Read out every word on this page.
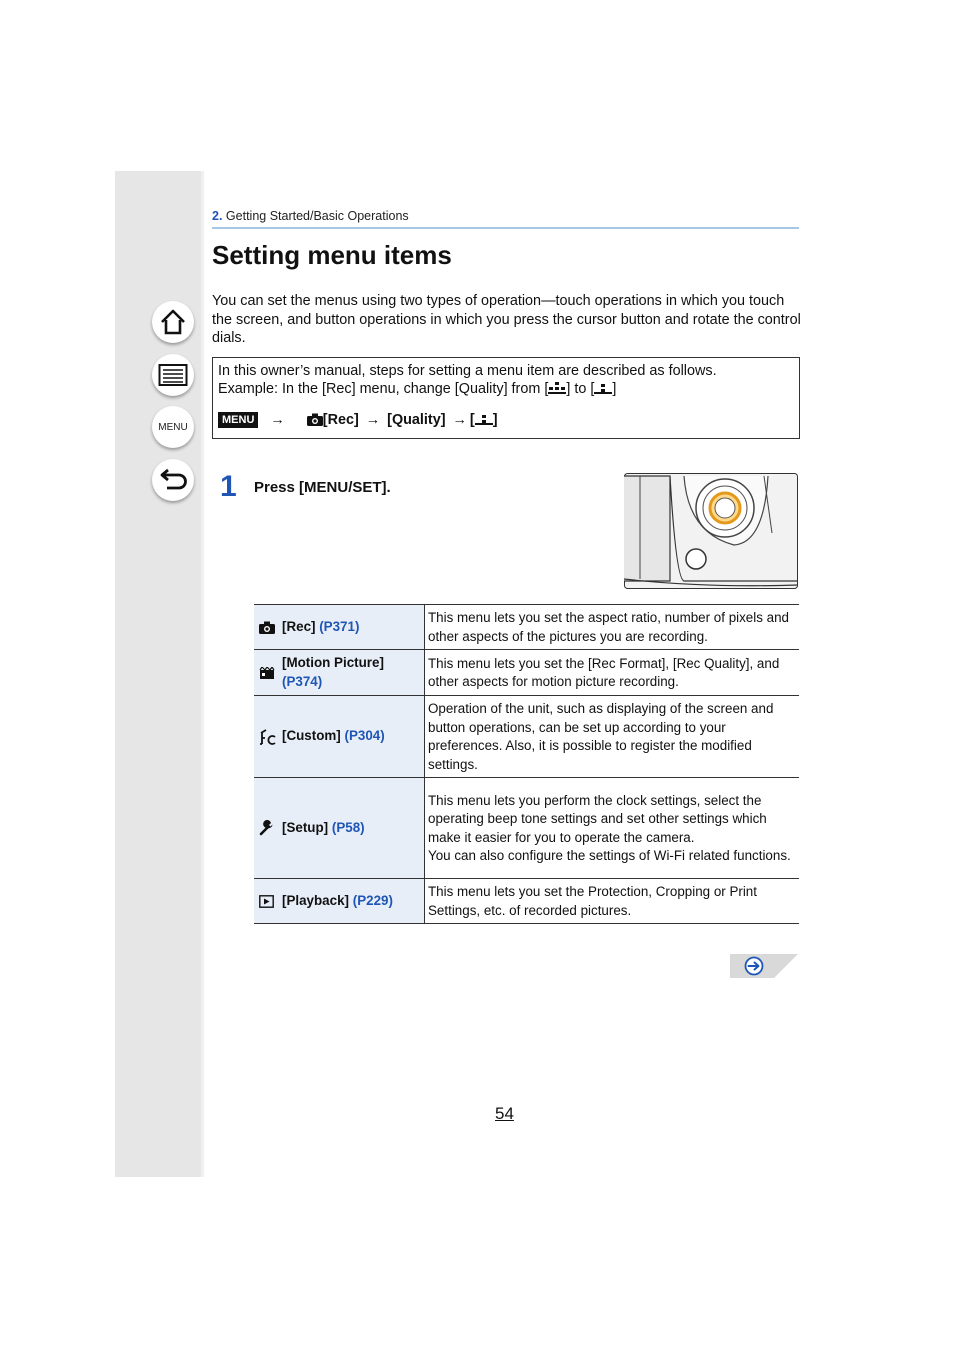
MENU
2. Getting Started/Basic Operations
Setting menu items

You can set the menus using two types of operation—touch operations in which you touch the screen, and button operations in which you press the cursor button and rotate the control dials.

In this owner’s manual, steps for setting a menu item are described as follows.

Example: In the [Rec] menu, change [Quality] from [ ] to [ ]

MENU →	[Rec] → [Quality] → [ ]

1 Press [MENU/SET].
[Rec] (P371)	This menu lets you set the aspect ratio, number of pixels and other aspects of the pictures you are recording.

[Motion Picture]
(P374)	This menu lets you set the [Rec Format], [Rec Quality], and other aspects for motion picture recording.

[Custom] (P304)	Operation of the unit, such as displaying of the screen and button operations, can be set up according to your preferences. Also, it is possible to register the modified settings.

[Setup] (P58)	This menu lets you perform the clock settings, select the operating beep tone settings and set other settings which make it easier for you to operate the camera.
You can also configure the settings of Wi-Fi related functions.

[Playback] (P229)	This menu lets you set the Protection, Cropping or Print Settings, etc. of recorded pictures.
54
